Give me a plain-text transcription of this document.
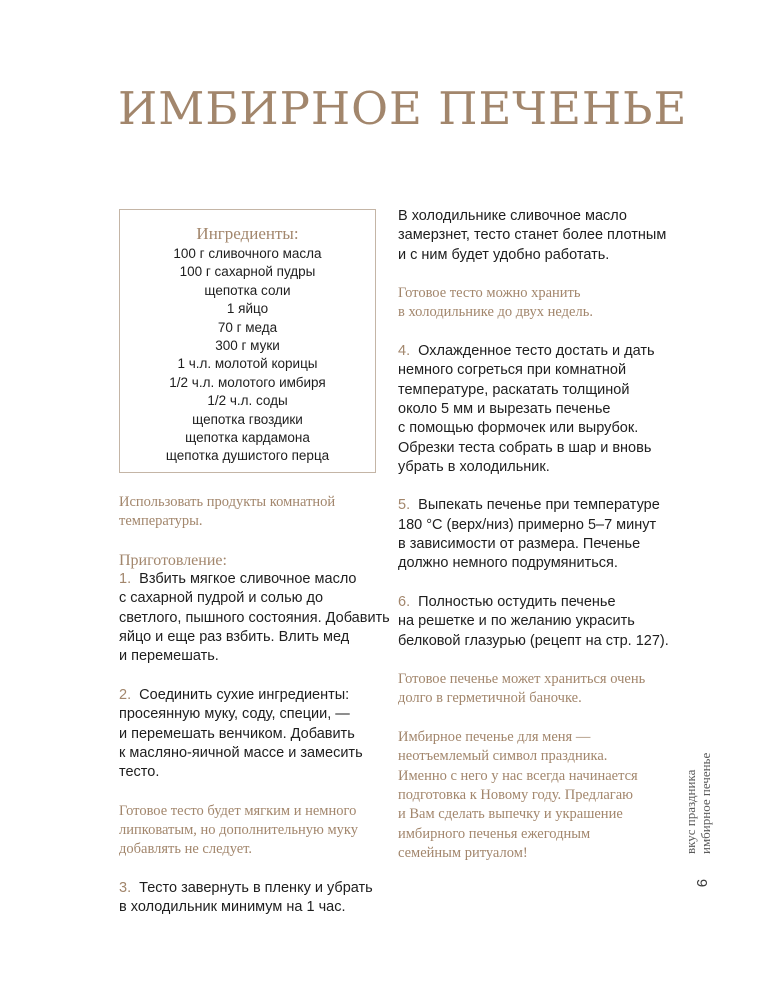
ИМБИРНОЕ ПЕЧЕНЬЕ
Ингредиенты:
100 г сливочного масла
100 г сахарной пудры
щепотка соли
1 яйцо
70 г меда
300 г муки
1 ч.л. молотой корицы
1/2 ч.л. молотого имбиря
1/2 ч.л. соды
щепотка гвоздики
щепотка кардамона
щепотка душистого перца

Использовать продукты комнатной
температуры.

Приготовление:
1. Взбить мягкое сливочное масло
с сахарной пудрой и солью до
светлого, пышного состояния. Добавить
яйцо и еще раз взбить. Влить мед
и перемешать.

2. Соединить сухие ингредиенты:
просеянную муку, соду, специи, —
и перемешать венчиком. Добавить
к масляно-яичной массе и замесить
тесто.

Готовое тесто будет мягким и немного
липковатым, но дополнительную муку
добавлять не следует.

3. Тесто завернуть в пленку и убрать
в холодильник минимум на 1 час.

В холодильнике сливочное масло
замерзнет, тесто станет более плотным
и с ним будет удобно работать.

Готовое тесто можно хранить
в холодильнике до двух недель.

4. Охлажденное тесто достать и дать
немного согреться при комнатной
температуре, раскатать толщиной
около 5 мм и вырезать печенье
с помощью формочек или вырубок.
Обрезки теста собрать в шар и вновь
убрать в холодильник.

5. Выпекать печенье при температуре
180 °С (верх/низ) примерно 5–7 минут
в зависимости от размера. Печенье
должно немного подрумяниться.

6. Полностью остудить печенье
на решетке и по желанию украсить
белковой глазурью (рецепт на стр. 127).

Готовое печенье может храниться очень
долго в герметичной баночке.

Имбирное печенье для меня —
неотъемлемый символ праздника.
Именно с него у нас всегда начинается
подготовка к Новому году. Предлагаю
и Вам сделать выпечку и украшение
имбирного печенья ежегодным
семейным ритуалом!	вкус праздника имбирное печенье
9
